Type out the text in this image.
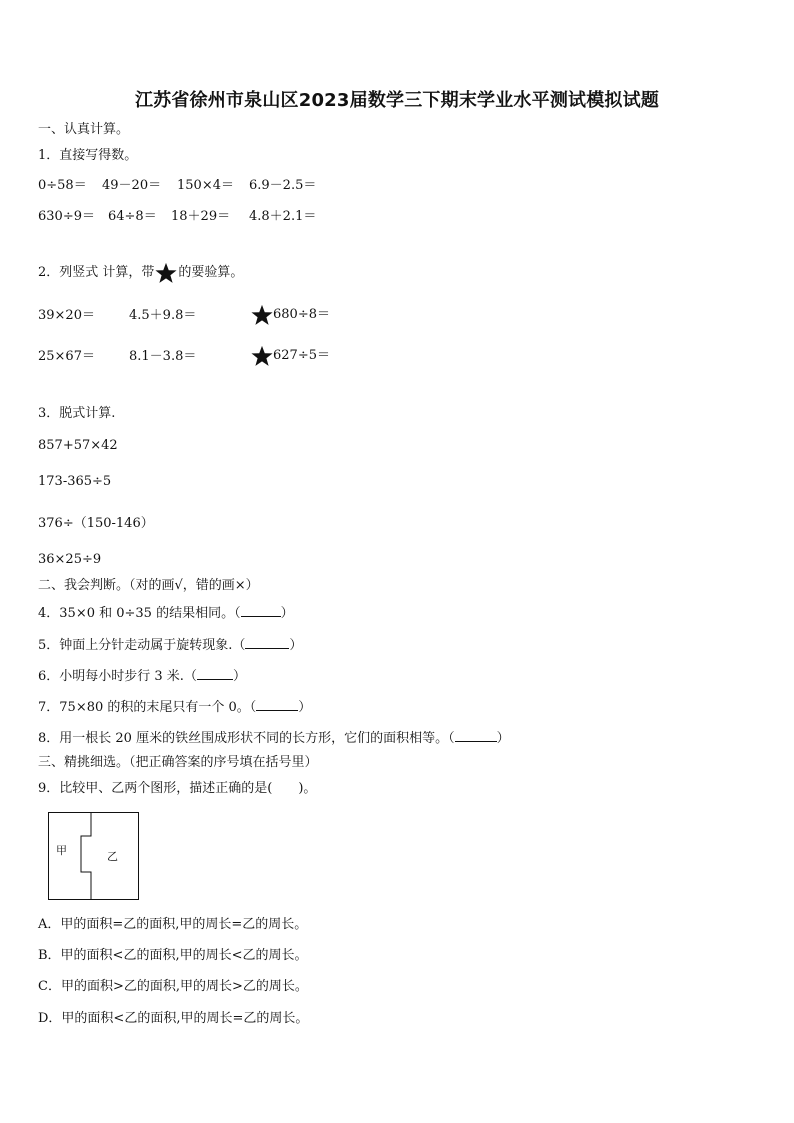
江苏省徐州市泉山区2023届数学三下期末学业水平测试模拟试题
一、认真计算。
1．直接写得数。
0÷58＝ 49－20＝ 150×4＝ 6.9－2.5＝
630÷9＝ 64÷8＝ 18＋29＝ 4.8＋2.1＝
2．列竖式 计算，带 的要验算。
39×20＝	4.5＋9.8＝	680÷8＝
25×67＝	8.1－3.8＝	627÷5＝
3．脱式计算.
857+57×42
173-365÷5
376÷（150-146）
36×25÷9
二、我会判断。（对的画√，错的画×）
4．35×0 和 0÷35 的结果相同。（	）
5．钟面上分针走动属于旋转现象.（	）
6．小明每小时步行 3 米.（	）
7．75×80 的积的末尾只有一个 0。（	）
8．用一根长 20 厘米的铁丝围成形状不同的长方形，它们的面积相等。（	）
三、精挑细选。（把正确答案的序号填在括号里）
9．比较甲、乙两个图形，描述正确的是(　　)。
甲	乙
A．甲的面积=乙的面积,甲的周长=乙的周长。
B．甲的面积<乙的面积,甲的周长<乙的周长。
C．甲的面积>乙的面积,甲的周长>乙的周长。
D．甲的面积<乙的面积,甲的周长=乙的周长。
